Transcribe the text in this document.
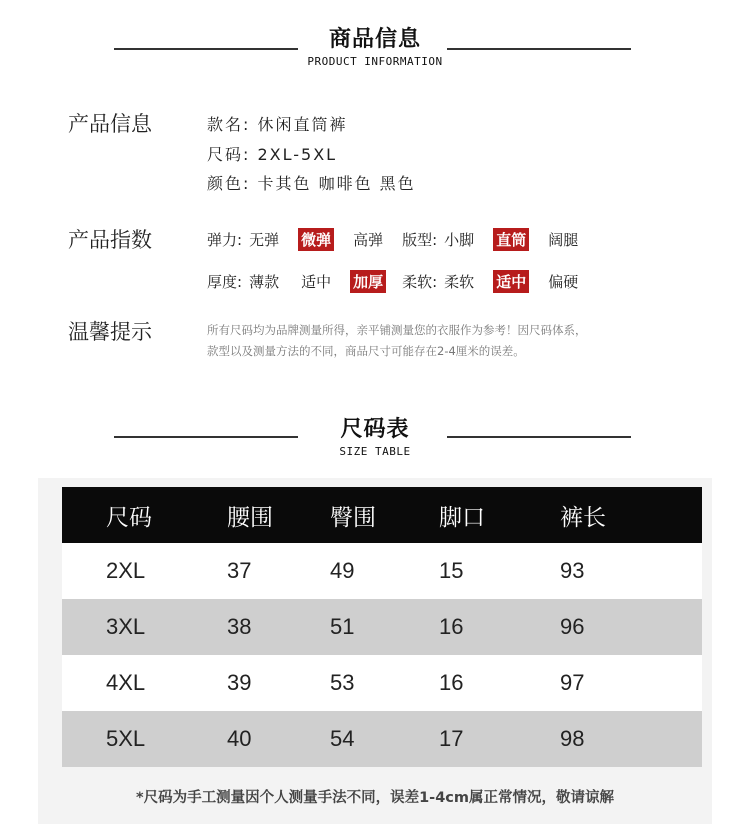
商品信息
PRODUCT INFORMATION
产品信息	款名: 休闲直筒裤
尺码: 2XL-5XL
颜色: 卡其色 咖啡色 黑色
产品指数	弹力: 无弹 微弹 高弹 版型: 小脚 直筒 阔腿
厚度: 薄款 适中 加厚 柔软: 柔软 适中 偏硬
温馨提示	所有尺码均为品牌测量所得，亲平铺测量您的衣服作为参考！因尺码体系，款型以及测量方法的不同，商品尺寸可能存在2-4厘米的误差。
尺码表
SIZE TABLE
尺码	腰围	臀围	脚口	裤长
2XL	37	49	15	93
3XL	38	51	16	96
4XL	39	53	16	97
5XL	40	54	17	98
*尺码为手工测量因个人测量手法不同，误差1-4cm属正常情况，敬请谅解
